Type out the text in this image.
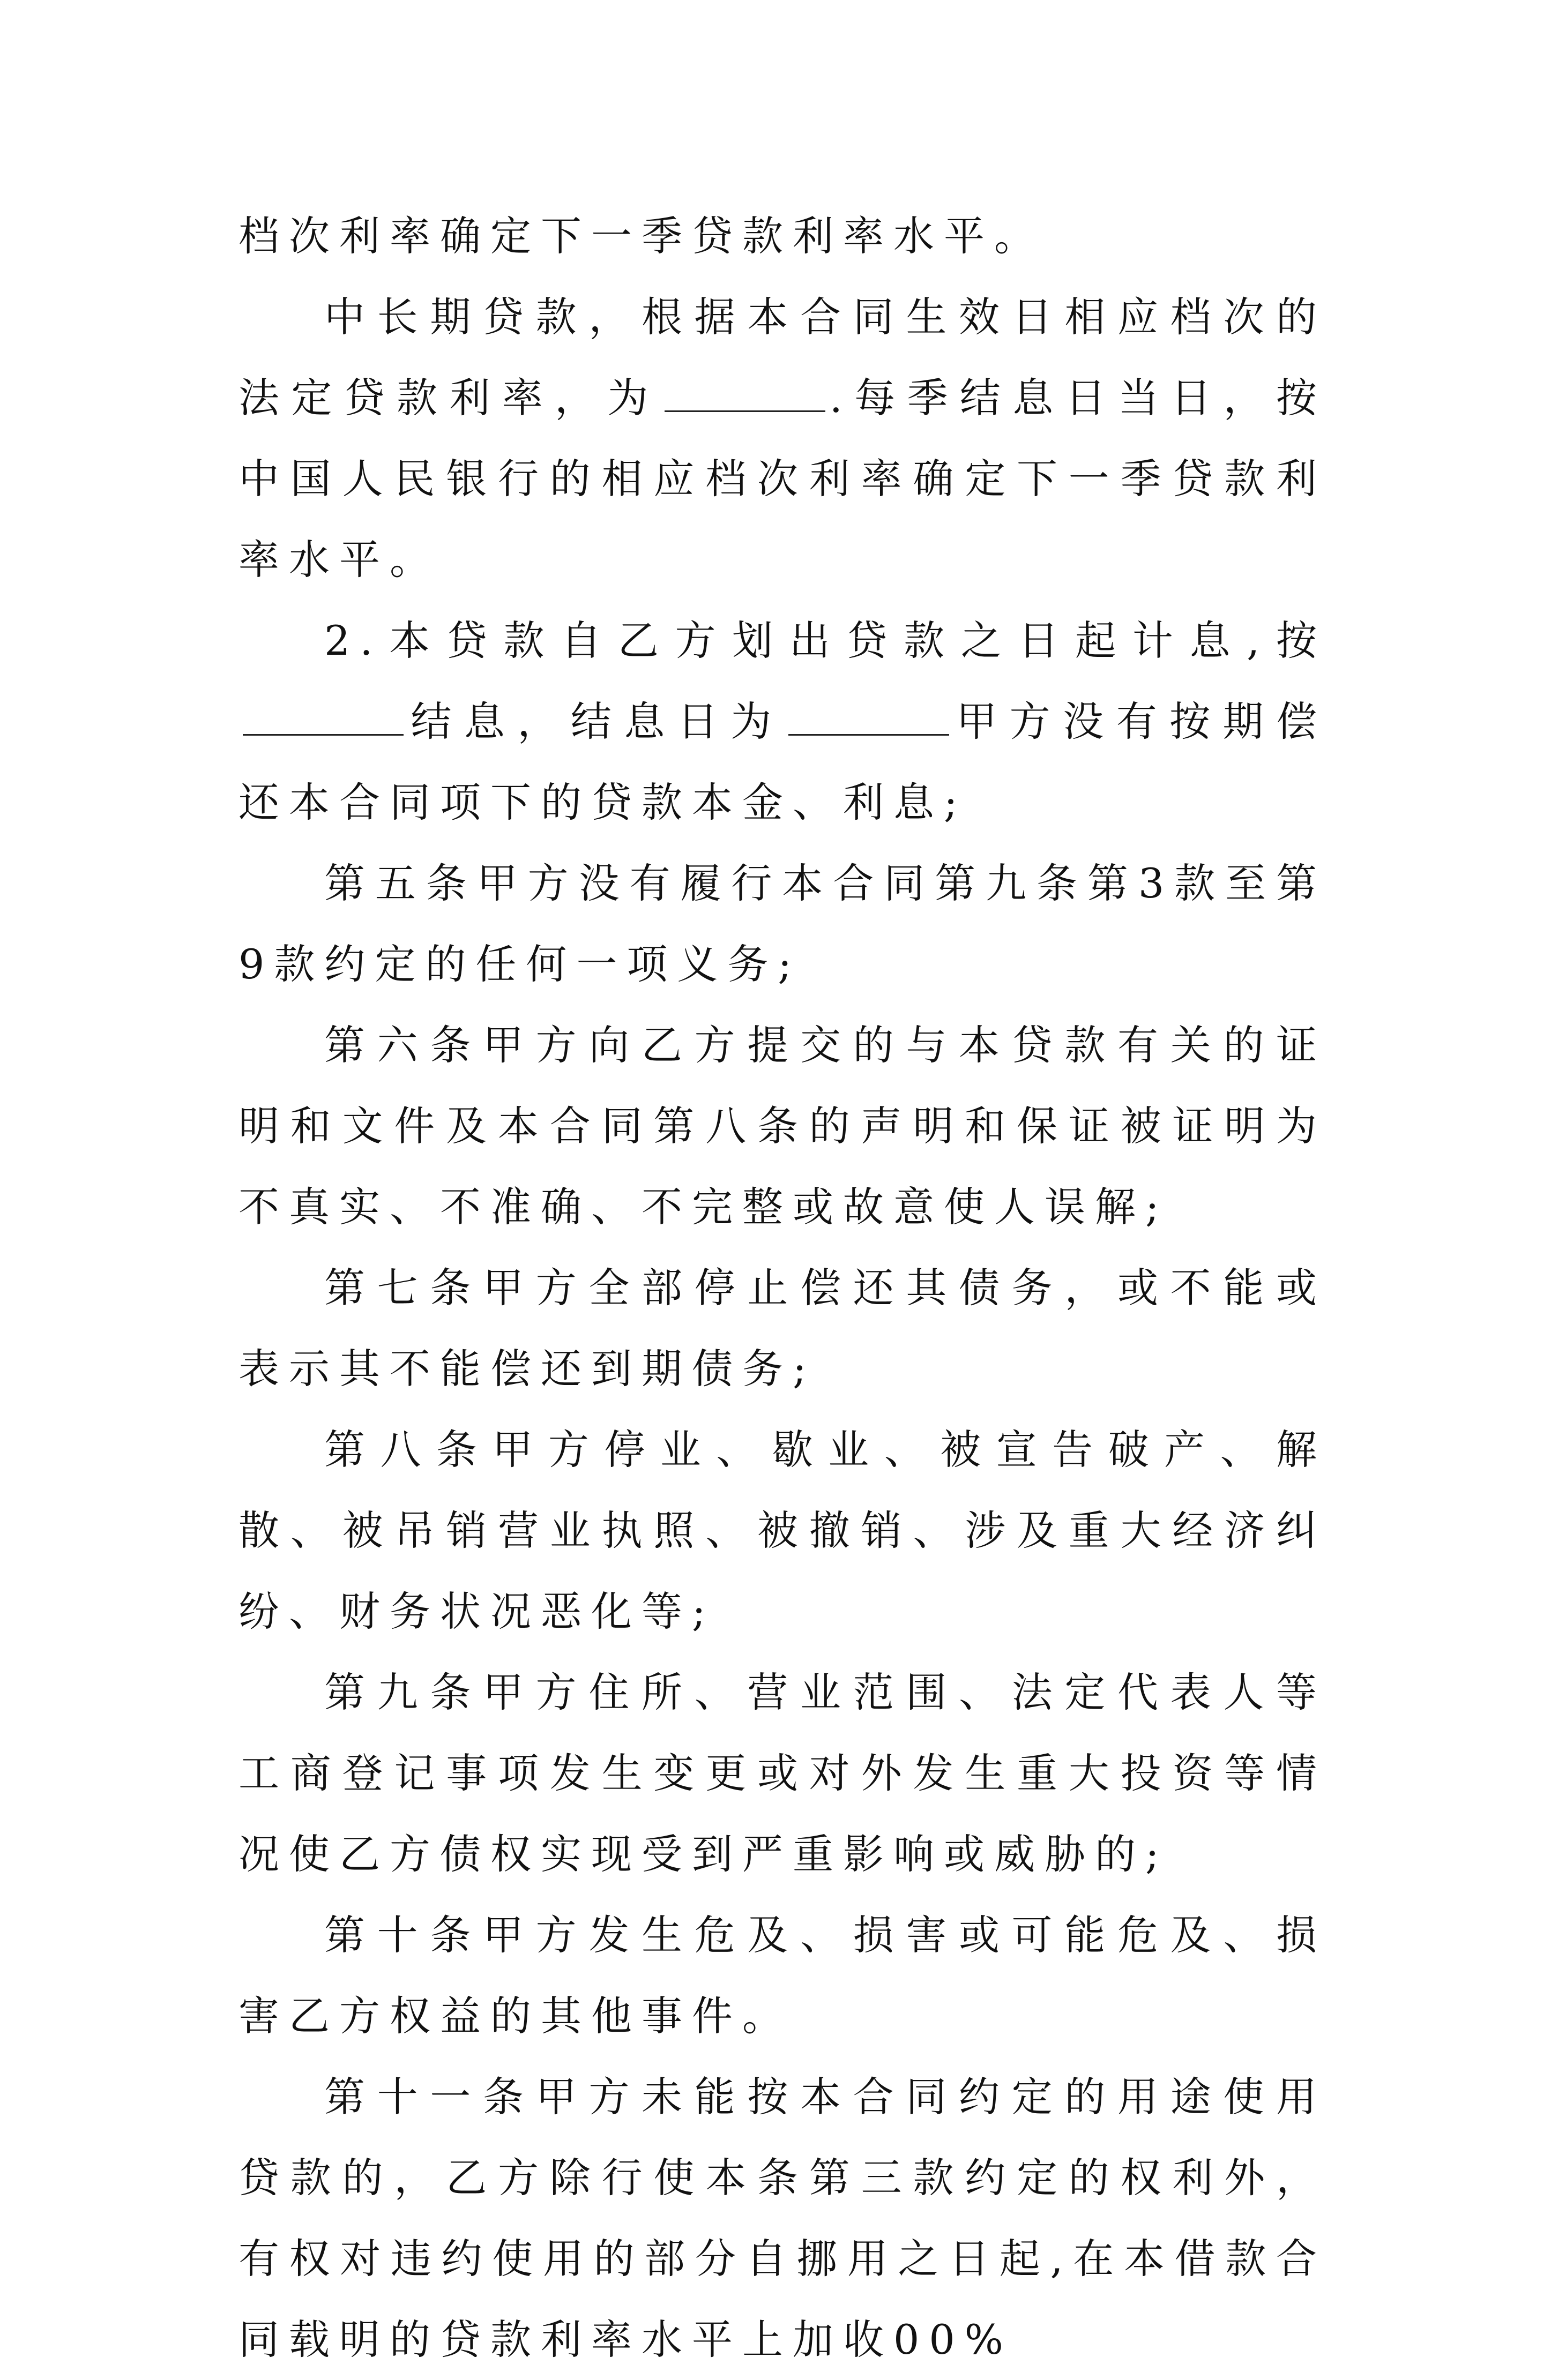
档次利率确定下一季贷款利率水平。

中长期贷款，根据本合同生效日相应档次的法定贷款利率，为	.每季结息日当日，按中国人民银行的相应档次利率确定下一季贷款利率水平。

2.本贷款自乙方划出贷款之日起计息,按结息，结息日为	甲方没有按期偿还本合同项下的贷款本金、利息;

第五条甲方没有履行本合同第九条第3款至第9款约定的任何一项义务;

第六条甲方向乙方提交的与本贷款有关的证明和文件及本合同第八条的声明和保证被证明为不真实、不准确、不完整或故意使人误解;

第七条甲方全部停止偿还其债务，或不能或表示其不能偿还到期债务;

第八条甲方停业、歇业、被宣告破产、解散、被吊销营业执照、被撤销、涉及重大经济纠纷、财务状况恶化等;

第九条甲方住所、营业范围、法定代表人等工商登记事项发生变更或对外发生重大投资等情况使乙方债权实现受到严重影响或威胁的;

第十条甲方发生危及、损害或可能危及、损害乙方权益的其他事件。

第十一条甲方未能按本合同约定的用途使用贷款的，乙方除行使本条第三款约定的权利外，有权对违约使用的部分自挪用之日起,在本借款合同载明的贷款利率水平上加收00%
